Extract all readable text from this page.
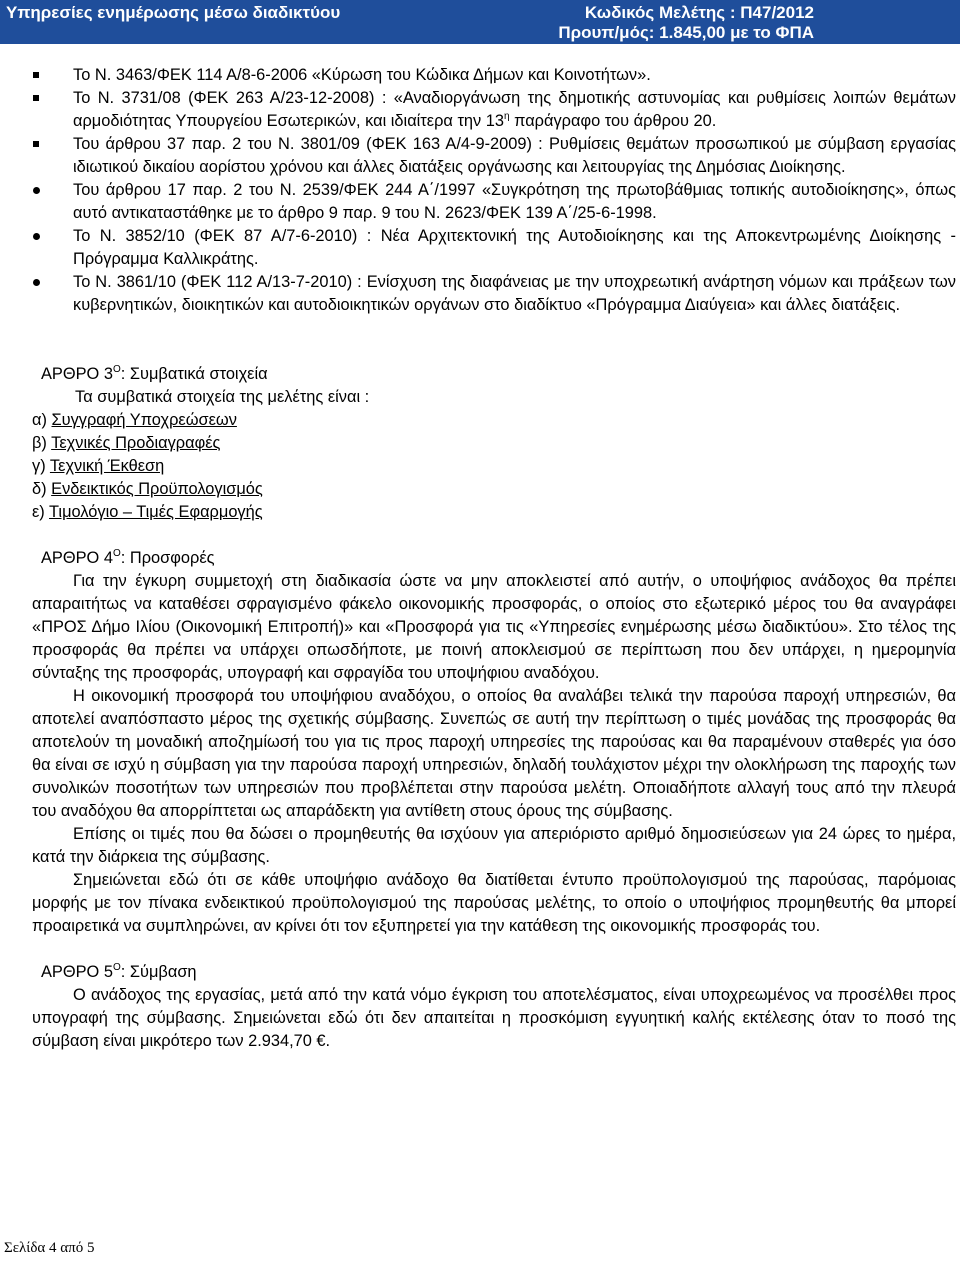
Υπηρεσίες ενημέρωσης μέσω διαδικτύου	Κωδικός Μελέτης : Π47/2012
Προυπ/μός: 1.845,00 με το ΦΠΑ
Το Ν. 3463/ΦΕΚ 114 Α/8-6-2006 «Κύρωση του Κώδικα Δήμων και Κοινοτήτων».
Το Ν. 3731/08 (ΦΕΚ 263 Α/23-12-2008) : «Αναδιοργάνωση της δημοτικής αστυνομίας και ρυθμίσεις λοιπών θεμάτων αρμοδιότητας Υπουργείου Εσωτερικών, και ιδιαίτερα την $13^\eta$ παράγραφο του άρθρου 20.
Του άρθρου 37 παρ. 2 του Ν. 3801/09 (ΦΕΚ 163 Α/4-9-2009) : Ρυθμίσεις θεμάτων προσωπικού με σύμβαση εργασίας ιδιωτικού δικαίου αορίστου χρόνου και άλλες διατάξεις οργάνωσης και λειτουργίας της Δημόσιας Διοίκησης.
Του άρθρου 17 παρ. 2 του Ν. 2539/ΦΕΚ 244 Α΄/1997 «Συγκρότηση της πρωτοβάθμιας τοπικής αυτοδιοίκησης», όπως αυτό αντικαταστάθηκε με το άρθρο 9 παρ. 9 του Ν. 2623/ΦΕΚ 139 Α΄/25-6-1998.
Το Ν. 3852/10 (ΦΕΚ 87 Α/7-6-2010) : Νέα Αρχιτεκτονική της Αυτοδιοίκησης και της Αποκεντρωμένης Διοίκησης - Πρόγραμμα Καλλικράτης.
Το Ν. 3861/10 (ΦΕΚ 112 Α/13-7-2010) : Ενίσχυση της διαφάνειας με την υποχρεωτική ανάρτηση νόμων και πράξεων των κυβερνητικών, διοικητικών και αυτοδιοικητικών οργάνων στο διαδίκτυο «Πρόγραμμα Διαύγεια» και άλλες διατάξεις.
ΑΡΘΡΟ $3^O$: Συμβατικά στοιχεία
Τα συμβατικά στοιχεία της μελέτης είναι :
α) Συγγραφή Υποχρεώσεων
β) Τεχνικές Προδιαγραφές
γ) Τεχνική Έκθεση
δ) Ενδεικτικός Προϋπολογισμός
ε) Τιμολόγιο – Τιμές Εφαρμογής
ΑΡΘΡΟ $4^O$: Προσφορές
Για την έγκυρη συμμετοχή στη διαδικασία ώστε να μην αποκλειστεί από αυτήν, ο υποψήφιος ανάδοχος θα πρέπει απαραιτήτως να καταθέσει σφραγισμένο φάκελο οικονομικής προσφοράς, ο οποίος στο εξωτερικό μέρος του θα αναγράφει «ΠΡΟΣ Δήμο Ιλίου (Οικονομική Επιτροπή)» και «Προσφορά για τις «Υπηρεσίες ενημέρωσης μέσω διαδικτύου». Στο τέλος της προσφοράς θα πρέπει να υπάρχει οπωσδήποτε, με ποινή αποκλεισμού σε περίπτωση που δεν υπάρχει, η ημερομηνία σύνταξης της προσφοράς, υπογραφή και σφραγίδα του υποψήφιου αναδόχου.
Η οικονομική προσφορά του υποψήφιου αναδόχου, ο οποίος θα αναλάβει τελικά την παρούσα παροχή υπηρεσιών, θα αποτελεί αναπόσπαστο μέρος της σχετικής σύμβασης. Συνεπώς σε αυτή την περίπτωση ο τιμές μονάδας της προσφοράς θα αποτελούν τη μοναδική αποζημίωσή του για τις προς παροχή υπηρεσίες της παρούσας και θα παραμένουν σταθερές για όσο θα είναι σε ισχύ η σύμβαση για την παρούσα παροχή υπηρεσιών, δηλαδή τουλάχιστον μέχρι την ολοκλήρωση της παροχής των συνολικών ποσοτήτων των υπηρεσιών που προβλέπεται στην παρούσα μελέτη. Οποιαδήποτε αλλαγή τους από την πλευρά του αναδόχου θα απορρίπτεται ως απαράδεκτη για αντίθετη στους όρους της σύμβασης.
Επίσης οι τιμές που θα δώσει ο προμηθευτής θα ισχύουν για απεριόριστο αριθμό δημοσιεύσεων για 24 ώρες το ημέρα, κατά την διάρκεια της σύμβασης.
Σημειώνεται εδώ ότι σε κάθε υποψήφιο ανάδοχο θα διατίθεται έντυπο προϋπολογισμού της παρούσας, παρόμοιας μορφής με τον πίνακα ενδεικτικού προϋπολογισμού της παρούσας μελέτης, το οποίο ο υποψήφιος προμηθευτής θα μπορεί προαιρετικά να συμπληρώνει, αν κρίνει ότι τον εξυπηρετεί για την κατάθεση της οικονομικής προσφοράς του.
ΑΡΘΡΟ $5^O$: Σύμβαση
Ο ανάδοχος της εργασίας, μετά από την κατά νόμο έγκριση του αποτελέσματος, είναι υποχρεωμένος να προσέλθει προς υπογραφή της σύμβασης. Σημειώνεται εδώ ότι δεν απαιτείται η προσκόμιση εγγυητική καλής εκτέλεσης όταν το ποσό της σύμβαση είναι μικρότερο των 2.934,70 €.
Σελίδα 4 από 5
